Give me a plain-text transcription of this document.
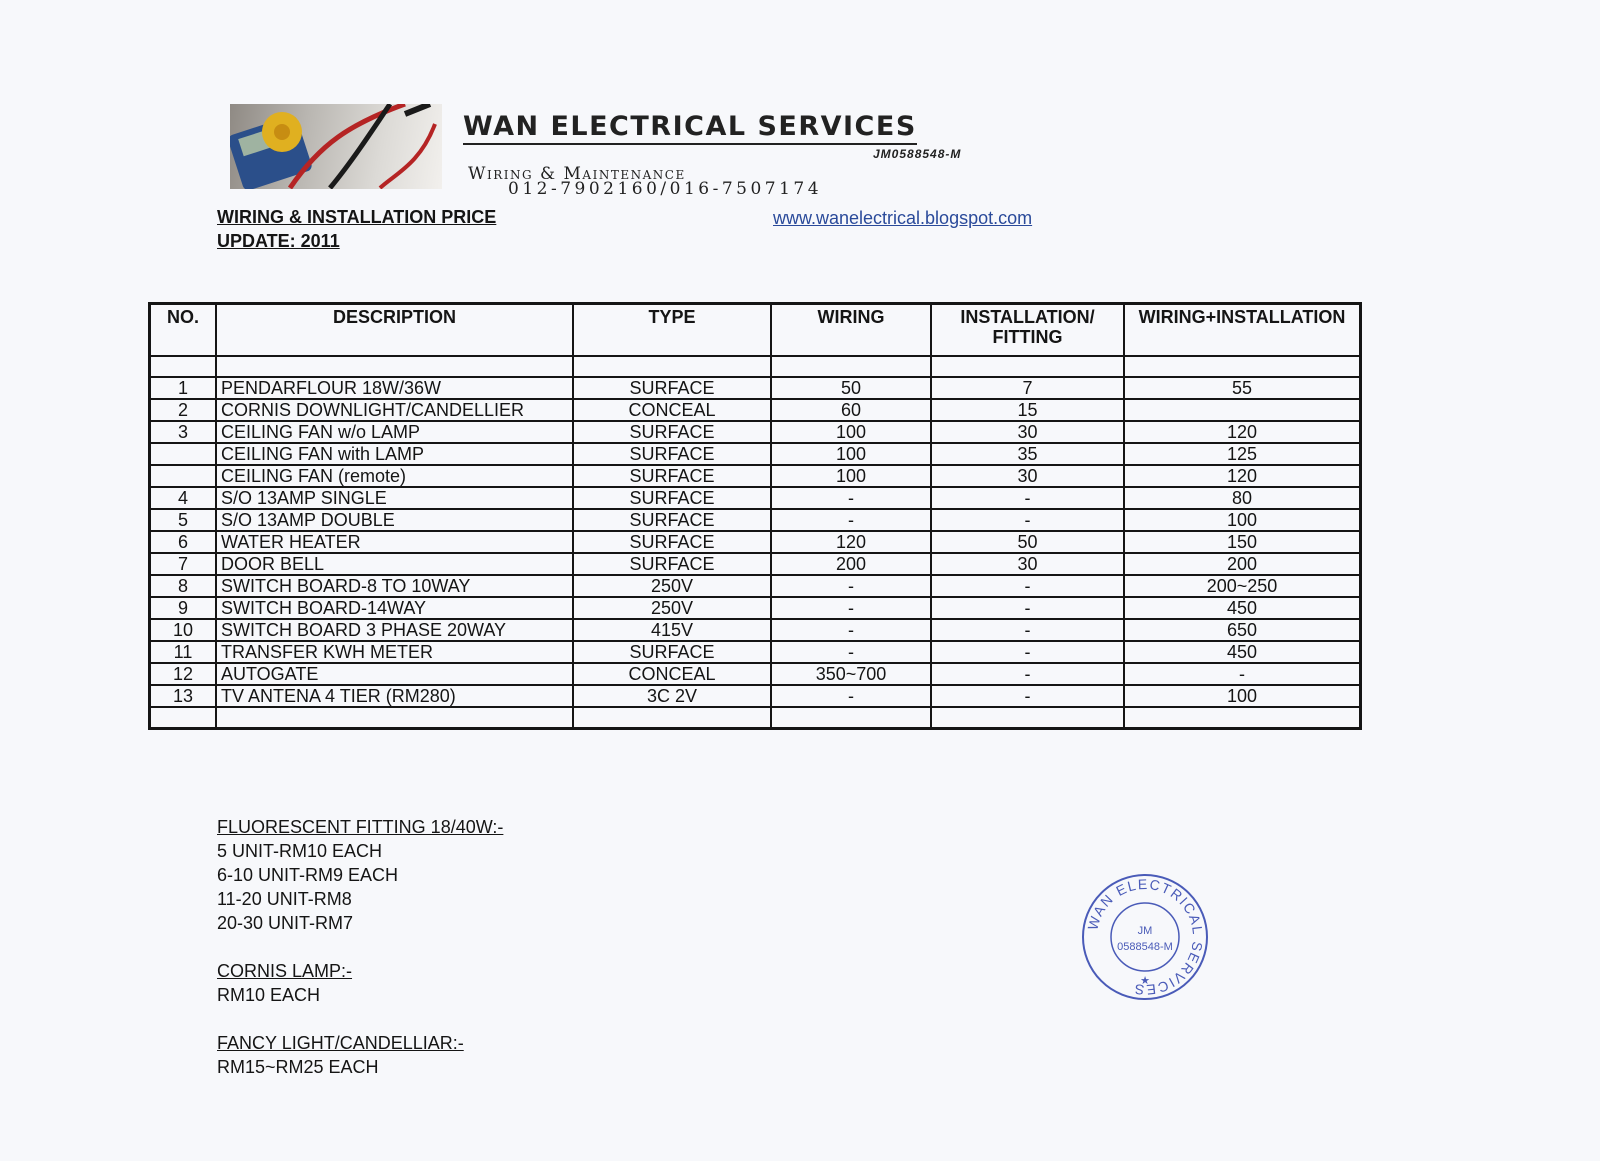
WAN ELECTRICAL SERVICES
JM0588548-M
Wiring & Maintenance
012-7902160/016-7507174
WIRING & INSTALLATION PRICE
UPDATE: 2011
www.wanelectrical.blogspot.com
NO.	DESCRIPTION	TYPE	WIRING	INSTALLATION/ FITTING	WIRING+INSTALLATION

1	PENDARFLOUR 18W/36W	SURFACE	50	7	55
2	CORNIS DOWNLIGHT/CANDELLIER	CONCEAL	60	15	
3	CEILING FAN w/o LAMP	SURFACE	100	30	120
	CEILING FAN with LAMP	SURFACE	100	35	125
	CEILING FAN (remote)	SURFACE	100	30	120
4	S/O 13AMP SINGLE	SURFACE	-	-	80
5	S/O 13AMP DOUBLE	SURFACE	-	-	100
6	WATER HEATER	SURFACE	120	50	150
7	DOOR BELL	SURFACE	200	30	200
8	SWITCH BOARD-8 TO 10WAY	250V	-	-	200~250
9	SWITCH BOARD-14WAY	250V	-	-	450
10	SWITCH BOARD 3 PHASE 20WAY	415V	-	-	650
11	TRANSFER KWH METER	SURFACE	-	-	450
12	AUTOGATE	CONCEAL	350~700	-	-
13	TV ANTENA 4 TIER (RM280)	3C 2V	-	-	100

FLUORESCENT FITTING 18/40W:-
5 UNIT-RM10 EACH
6-10 UNIT-RM9 EACH
11-20 UNIT-RM8
20-30 UNIT-RM7
CORNIS LAMP:-
RM10 EACH
FANCY LIGHT/CANDELLIAR:-
RM15~RM25 EACH
WAN ELECTRICAL SERVICES
JM
0588548-M
★
